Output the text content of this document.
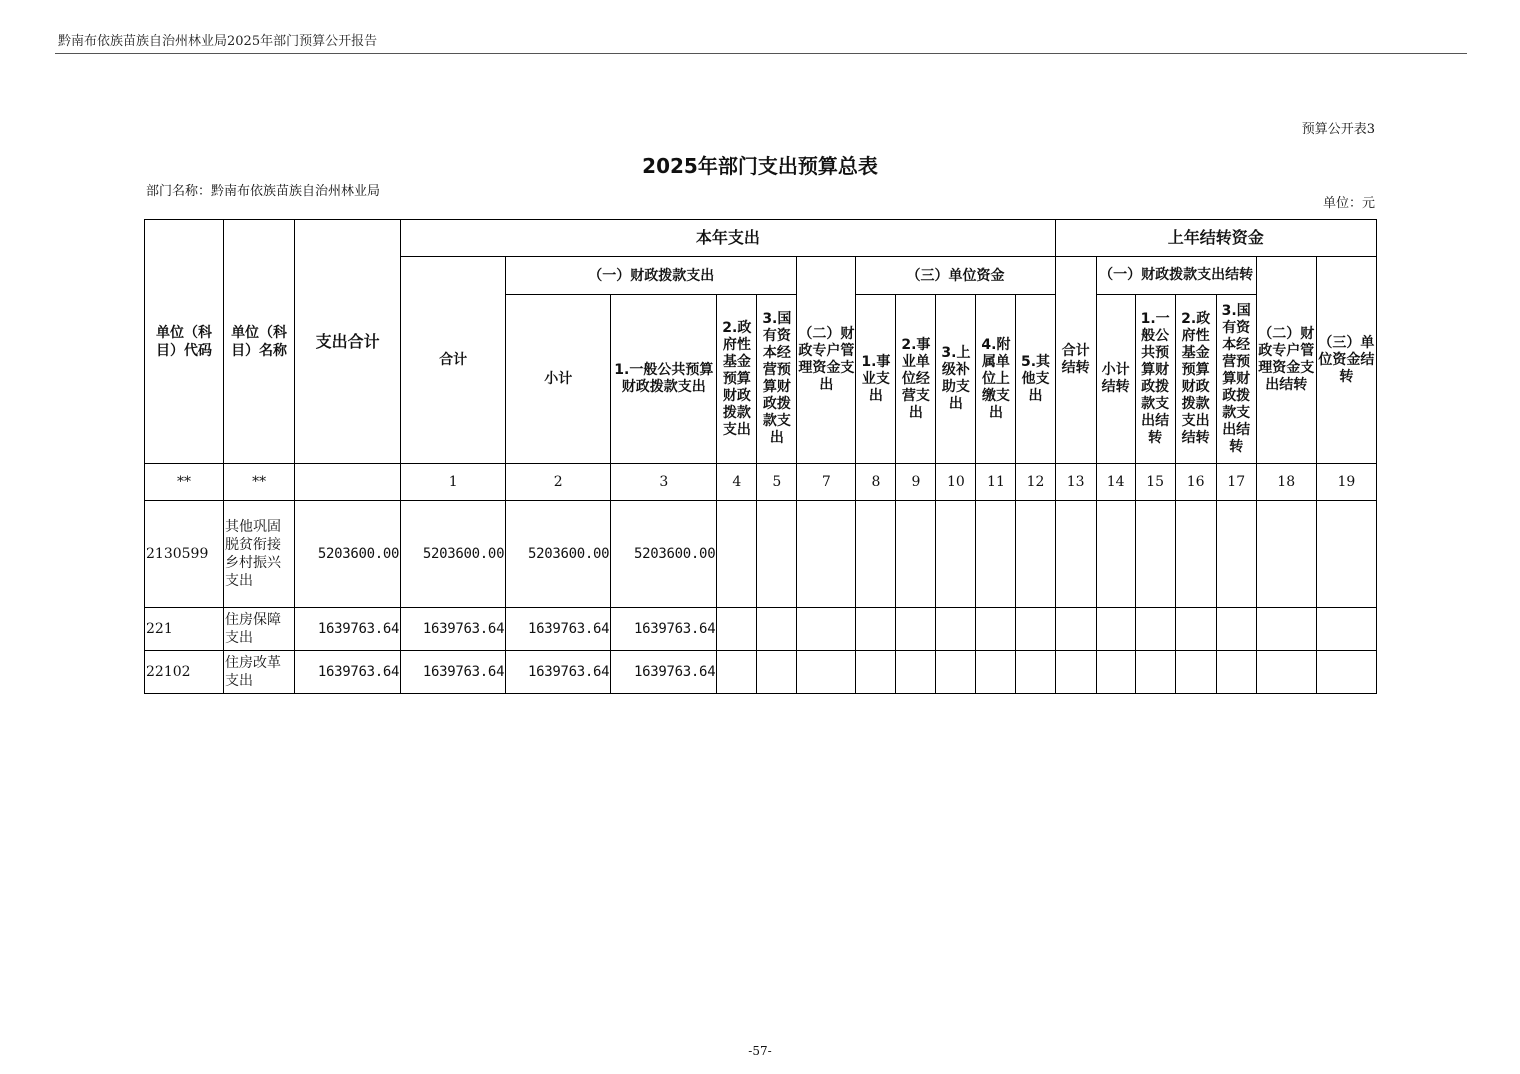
黔南布依族苗族自治州林业局2025年部门预算公开报告
预算公开表3
2025年部门支出预算总表
部门名称：黔南布依族苗族自治州林业局
单位：元
单位（科目）代码	单位（科目）名称	支出合计	本年支出											上年结转资金						
			合计	（一）财政拨款支出				（二）财政专户管理资金支出	（三）单位资金					合计结转	（一）财政拨款支出结转				（二）财政专户管理资金支出结转	（三）单位资金结转
				小计	1.一般公共预算财政拨款支出	2.政府性基金预算财政拨款支出	3.国有资本经营预算财政拨款支出		1.事业支出	2.事业单位经营支出	3.上级补助支出	4.附属单位上缴支出	5.其他支出		小计结转	1.一般公共预算财政拨款支出结转	2.政府性基金预算财政拨款支出结转	3.国有资本经营预算财政拨款支出结转		
**	**		1	2	3	4	5	7	8	9	10	11	12	13	14	15	16	17	18	19
2130599	其他巩固脱贫衔接乡村振兴支出	5203600.00	5203600.00	5203600.00	5203600.00															
221	住房保障支出	1639763.64	1639763.64	1639763.64	1639763.64															
22102	住房改革支出	1639763.64	1639763.64	1639763.64	1639763.64															
-57-
